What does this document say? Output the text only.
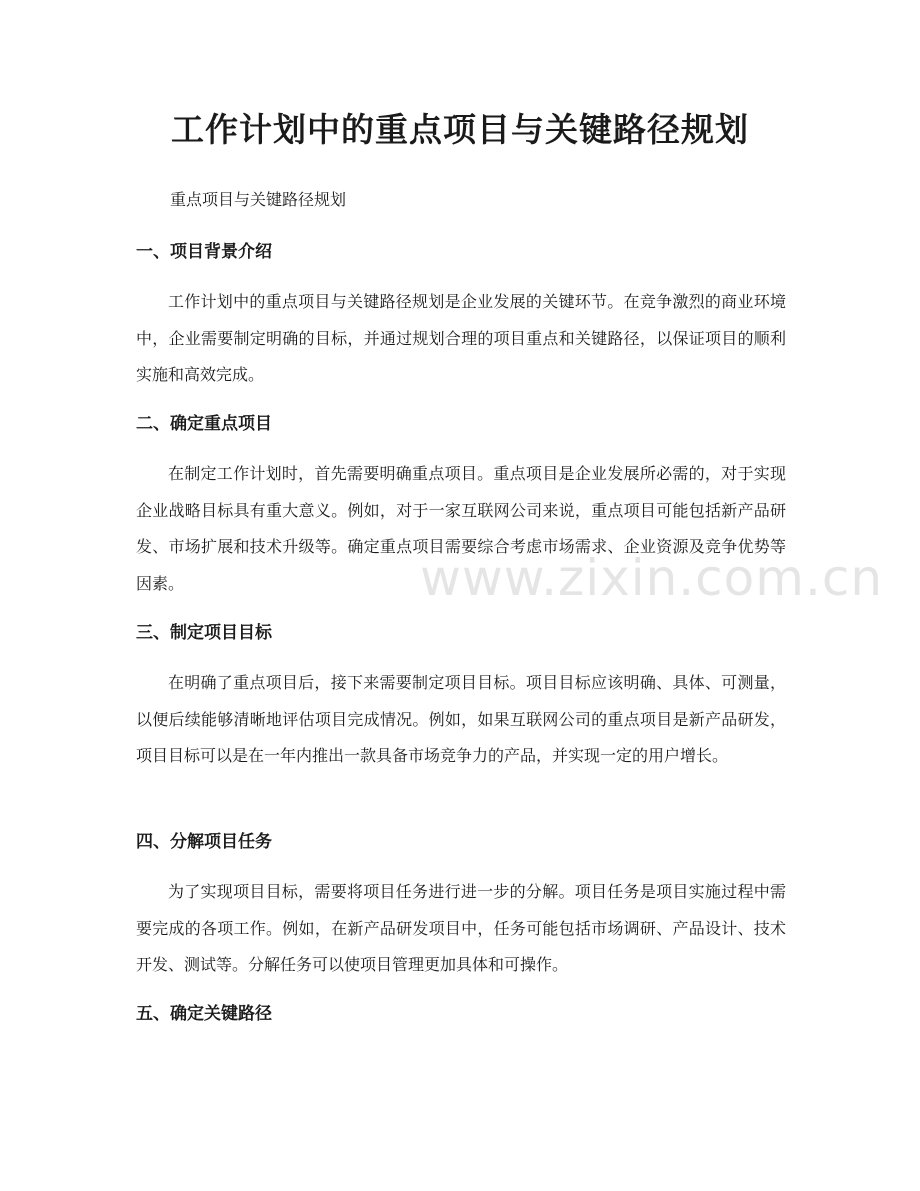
工作计划中的重点项目与关键路径规划

重点项目与关键路径规划

一、项目背景介绍

工作计划中的重点项目与关键路径规划是企业发展的关键环节。在竞争激烈的商业环境中，企业需要制定明确的目标，并通过规划合理的项目重点和关键路径，以保证项目的顺利实施和高效完成。

二、确定重点项目

在制定工作计划时，首先需要明确重点项目。重点项目是企业发展所必需的，对于实现企业战略目标具有重大意义。例如，对于一家互联网公司来说，重点项目可能包括新产品研发、市场扩展和技术升级等。确定重点项目需要综合考虑市场需求、企业资源及竞争优势等因素。

三、制定项目目标

在明确了重点项目后，接下来需要制定项目目标。项目目标应该明确、具体、可测量，以便后续能够清晰地评估项目完成情况。例如，如果互联网公司的重点项目是新产品研发，项目目标可以是在一年内推出一款具备市场竞争力的产品，并实现一定的用户增长。

四、分解项目任务

为了实现项目目标，需要将项目任务进行进一步的分解。项目任务是项目实施过程中需要完成的各项工作。例如，在新产品研发项目中，任务可能包括市场调研、产品设计、技术开发、测试等。分解任务可以使项目管理更加具体和可操作。

五、确定关键路径
www.zixin.com.cn
